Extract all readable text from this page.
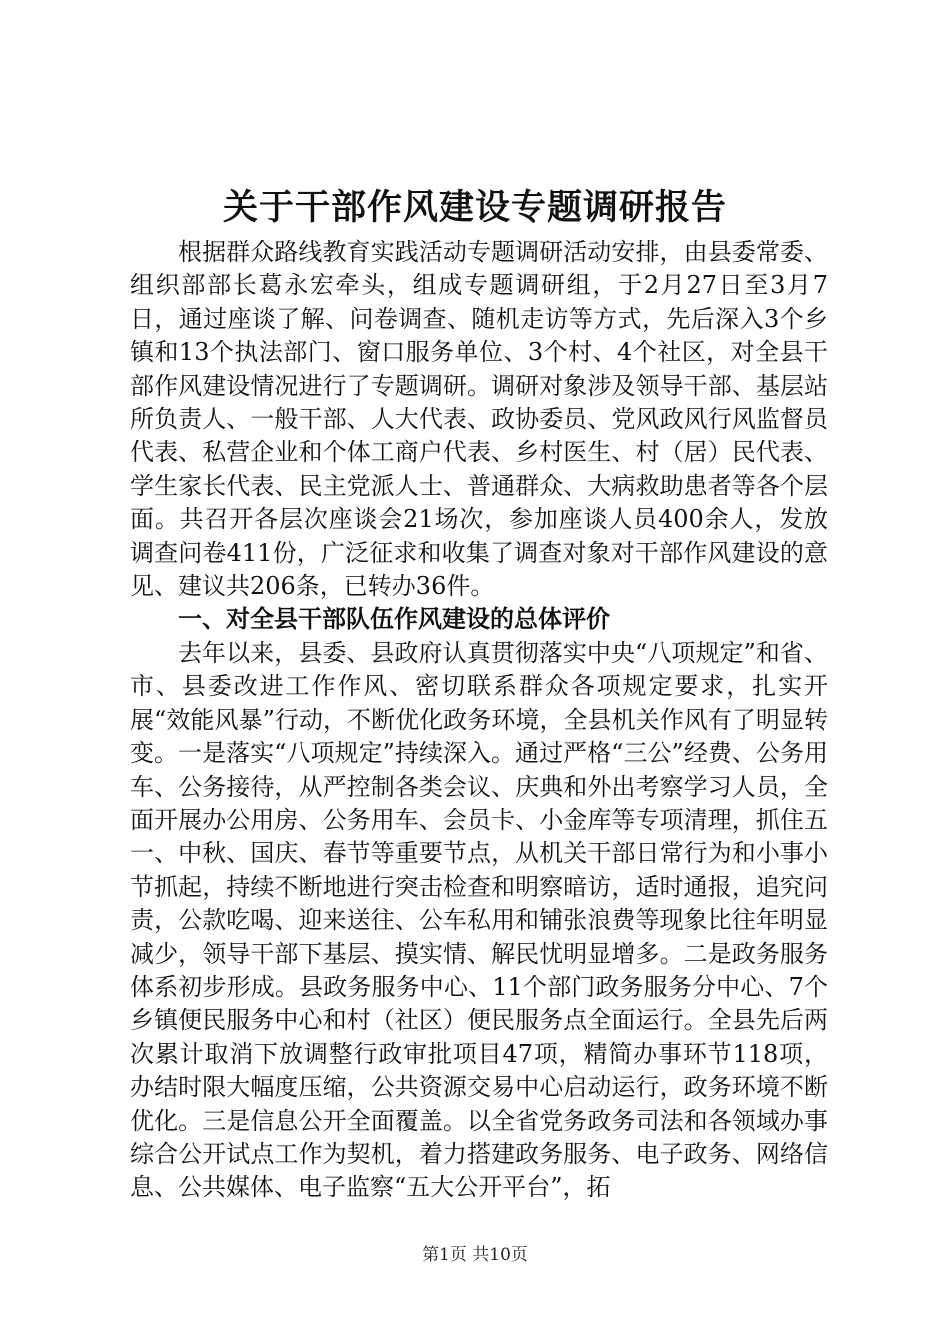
关于干部作风建设专题调研报告

根据群众路线教育实践活动专题调研活动安排，由县委常委、组织部部长葛永宏牵头，组成专题调研组，于2月27日至3月7日，通过座谈了解、问卷调查、随机走访等方式，先后深入3个乡镇和13个执法部门、窗口服务单位、3个村、4个社区，对全县干部作风建设情况进行了专题调研。调研对象涉及领导干部、基层站所负责人、一般干部、人大代表、政协委员、党风政风行风监督员代表、私营企业和个体工商户代表、乡村医生、村（居）民代表、学生家长代表、民主党派人士、普通群众、大病救助患者等各个层面。共召开各层次座谈会21场次，参加座谈人员400余人，发放调查问卷411份，广泛征求和收集了调查对象对干部作风建设的意见、建议共206条，已转办36件。

一、对全县干部队伍作风建设的总体评价

去年以来，县委、县政府认真贯彻落实中央“八项规定”和省、市、县委改进工作作风、密切联系群众各项规定要求，扎实开展“效能风暴”行动，不断优化政务环境，全县机关作风有了明显转变。一是落实“八项规定”持续深入。通过严格“三公”经费、公务用车、公务接待，从严控制各类会议、庆典和外出考察学习人员，全面开展办公用房、公务用车、会员卡、小金库等专项清理，抓住五一、中秋、国庆、春节等重要节点，从机关干部日常行为和小事小节抓起，持续不断地进行突击检查和明察暗访，适时通报，追究问责，公款吃喝、迎来送往、公车私用和铺张浪费等现象比往年明显减少，领导干部下基层、摸实情、解民忧明显增多。二是政务服务体系初步形成。县政务服务中心、11个部门政务服务分中心、7个乡镇便民服务中心和村（社区）便民服务点全面运行。全县先后两次累计取消下放调整行政审批项目47项，精简办事环节118项，办结时限大幅度压缩，公共资源交易中心启动运行，政务环境不断优化。三是信息公开全面覆盖。以全省党务政务司法和各领域办事综合公开试点工作为契机，着力搭建政务服务、电子政务、网络信息、公共媒体、电子监察“五大公开平台”，拓

第1页 共10页
